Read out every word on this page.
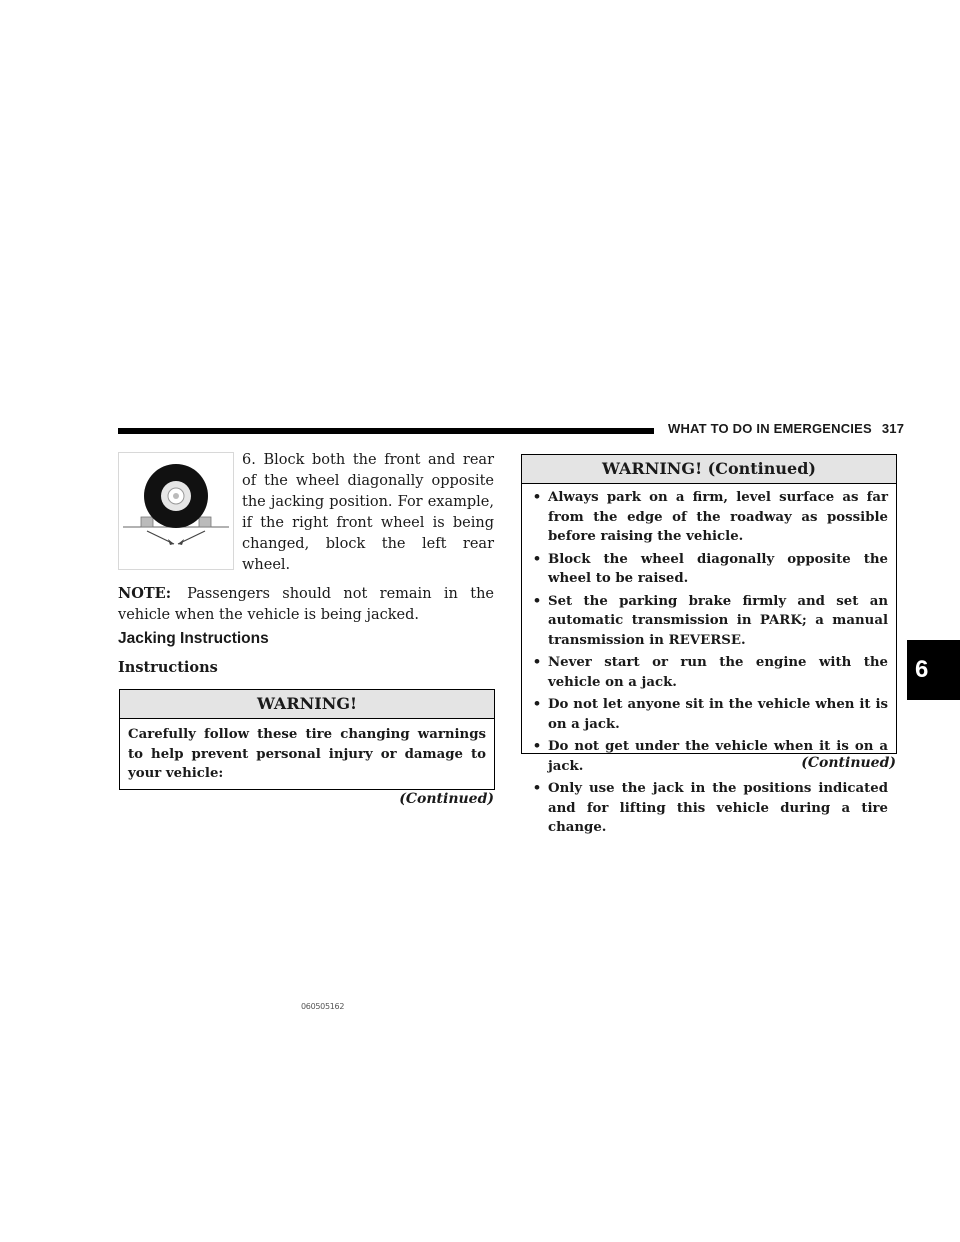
WHAT TO DO IN EMERGENCIES 317
060505162
6. Block both the front and rear of the wheel diagonally opposite the jacking position. For example, if the right front wheel is being changed, block the left rear wheel.
NOTE: Passengers should not remain in the vehicle when the vehicle is being jacked.
Jacking Instructions
Instructions
WARNING!
Carefully follow these tire changing warnings to help prevent personal injury or damage to your vehicle:
(Continued)
WARNING! (Continued)
• Always park on a firm, level surface as far from the edge of the roadway as possible before raising the vehicle.
• Block the wheel diagonally opposite the wheel to be raised.
• Set the parking brake firmly and set an automatic transmission in PARK; a manual transmission in REVERSE.
• Never start or run the engine with the vehicle on a jack.
• Do not let anyone sit in the vehicle when it is on a jack.
• Do not get under the vehicle when it is on a jack.
• Only use the jack in the positions indicated and for lifting this vehicle during a tire change.
(Continued)
6
